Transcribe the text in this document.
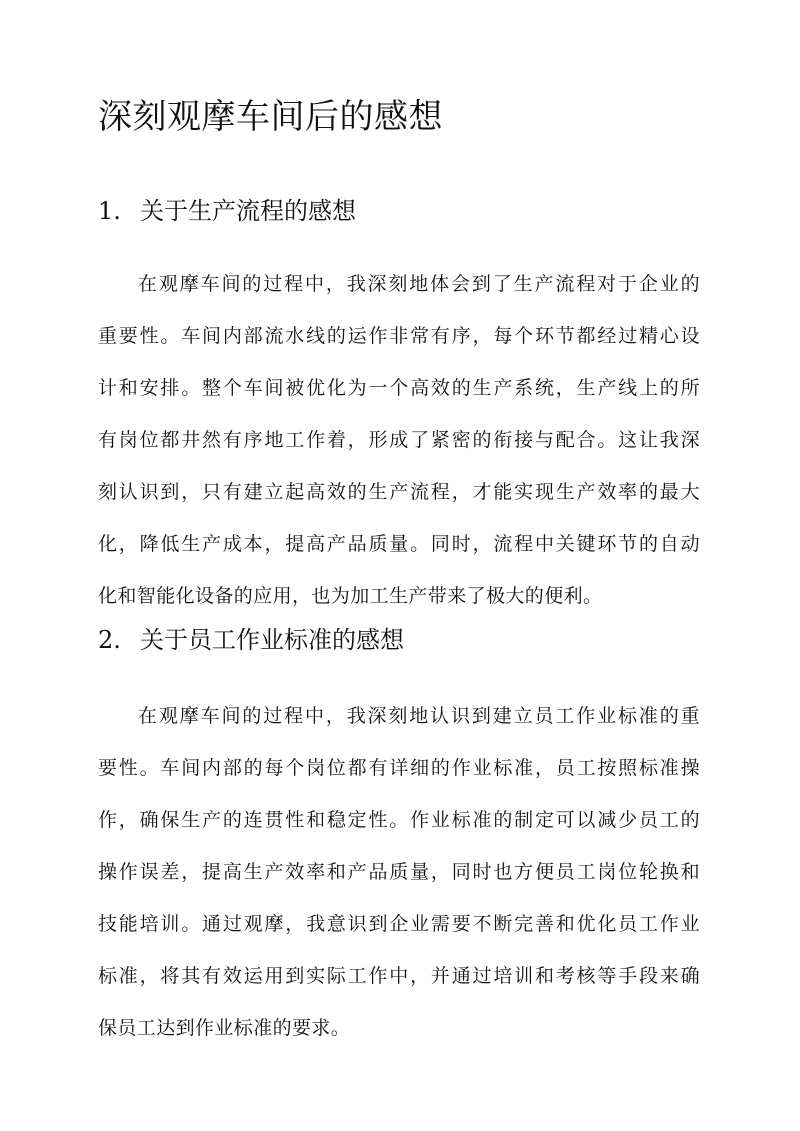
深刻观摩车间后的感想
1. 关于生产流程的感想
在观摩车间的过程中，我深刻地体会到了生产流程对于企业的
重要性。车间内部流水线的运作非常有序，每个环节都经过精心设
计和安排。整个车间被优化为一个高效的生产系统，生产线上的所
有岗位都井然有序地工作着，形成了紧密的衔接与配合。这让我深
刻认识到，只有建立起高效的生产流程，才能实现生产效率的最大
化，降低生产成本，提高产品质量。同时，流程中关键环节的自动
化和智能化设备的应用，也为加工生产带来了极大的便利。
2. 关于员工作业标准的感想
在观摩车间的过程中，我深刻地认识到建立员工作业标准的重
要性。车间内部的每个岗位都有详细的作业标准，员工按照标准操
作，确保生产的连贯性和稳定性。作业标准的制定可以减少员工的
操作误差，提高生产效率和产品质量，同时也方便员工岗位轮换和
技能培训。通过观摩，我意识到企业需要不断完善和优化员工作业
标准，将其有效运用到实际工作中，并通过培训和考核等手段来确
保员工达到作业标准的要求。
